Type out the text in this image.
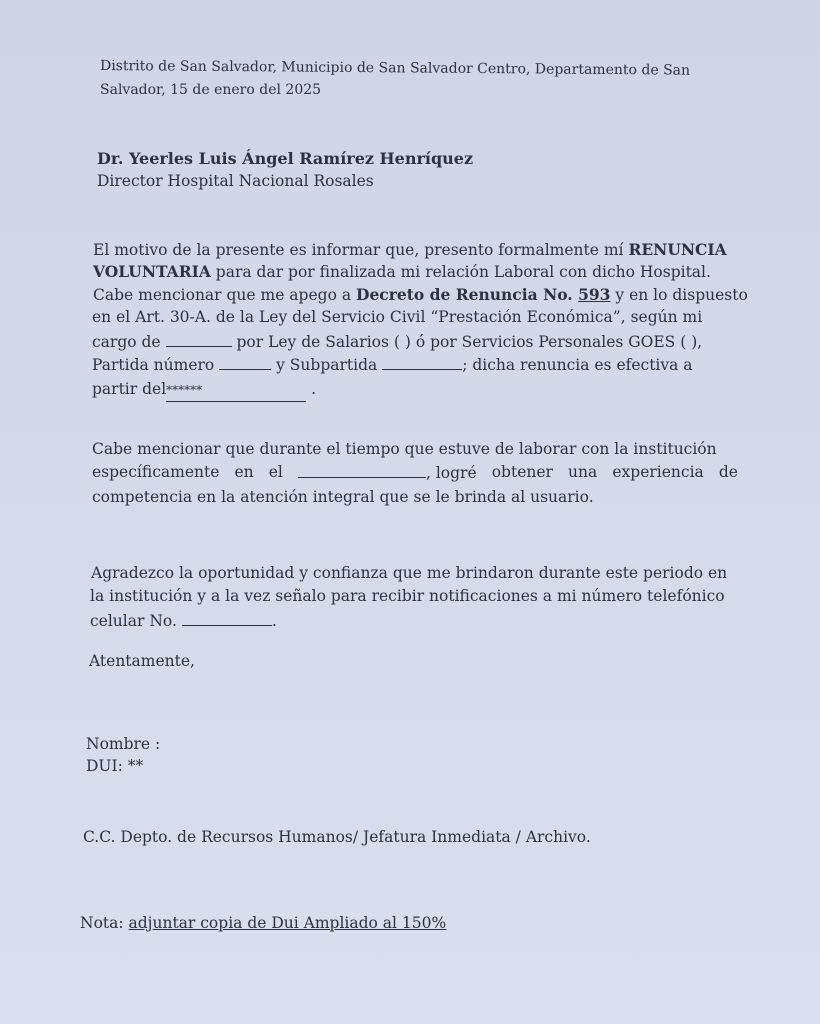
Distrito de San Salvador, Municipio de San Salvador Centro, Departamento de San
Salvador, 15 de enero del 2025
Dr. Yeerles Luis Ángel Ramírez Henríquez
Director Hospital Nacional Rosales
El motivo de la presente es informar que, presento formalmente mí RENUNCIA
VOLUNTARIA para dar por finalizada mi relación Laboral con dicho Hospital.
Cabe mencionar que me apego a Decreto de Renuncia No. 593 y en lo dispuesto
en el Art. 30-A. de la Ley del Servicio Civil “Prestación Económica”, según mi
cargo de	por Ley de Salarios ( ) ó por Servicios Personales GOES ( ),
Partida número	y Subpartida	; dicha renuncia es efectiva a
partir del******	.
Cabe mencionar que durante el tiempo que estuve de laborar con la institución
específicamente en el	, logré obtener una experiencia de
competencia en la atención integral que se le brinda al usuario.
Agradezco la oportunidad y confianza que me brindaron durante este periodo en
la institución y a la vez señalo para recibir notificaciones a mi número telefónico
celular No.	.
Atentamente,
Nombre :
DUI: **
C.C. Depto. de Recursos Humanos/ Jefatura Inmediata / Archivo.
Nota: adjuntar copia de Dui Ampliado al 150%
